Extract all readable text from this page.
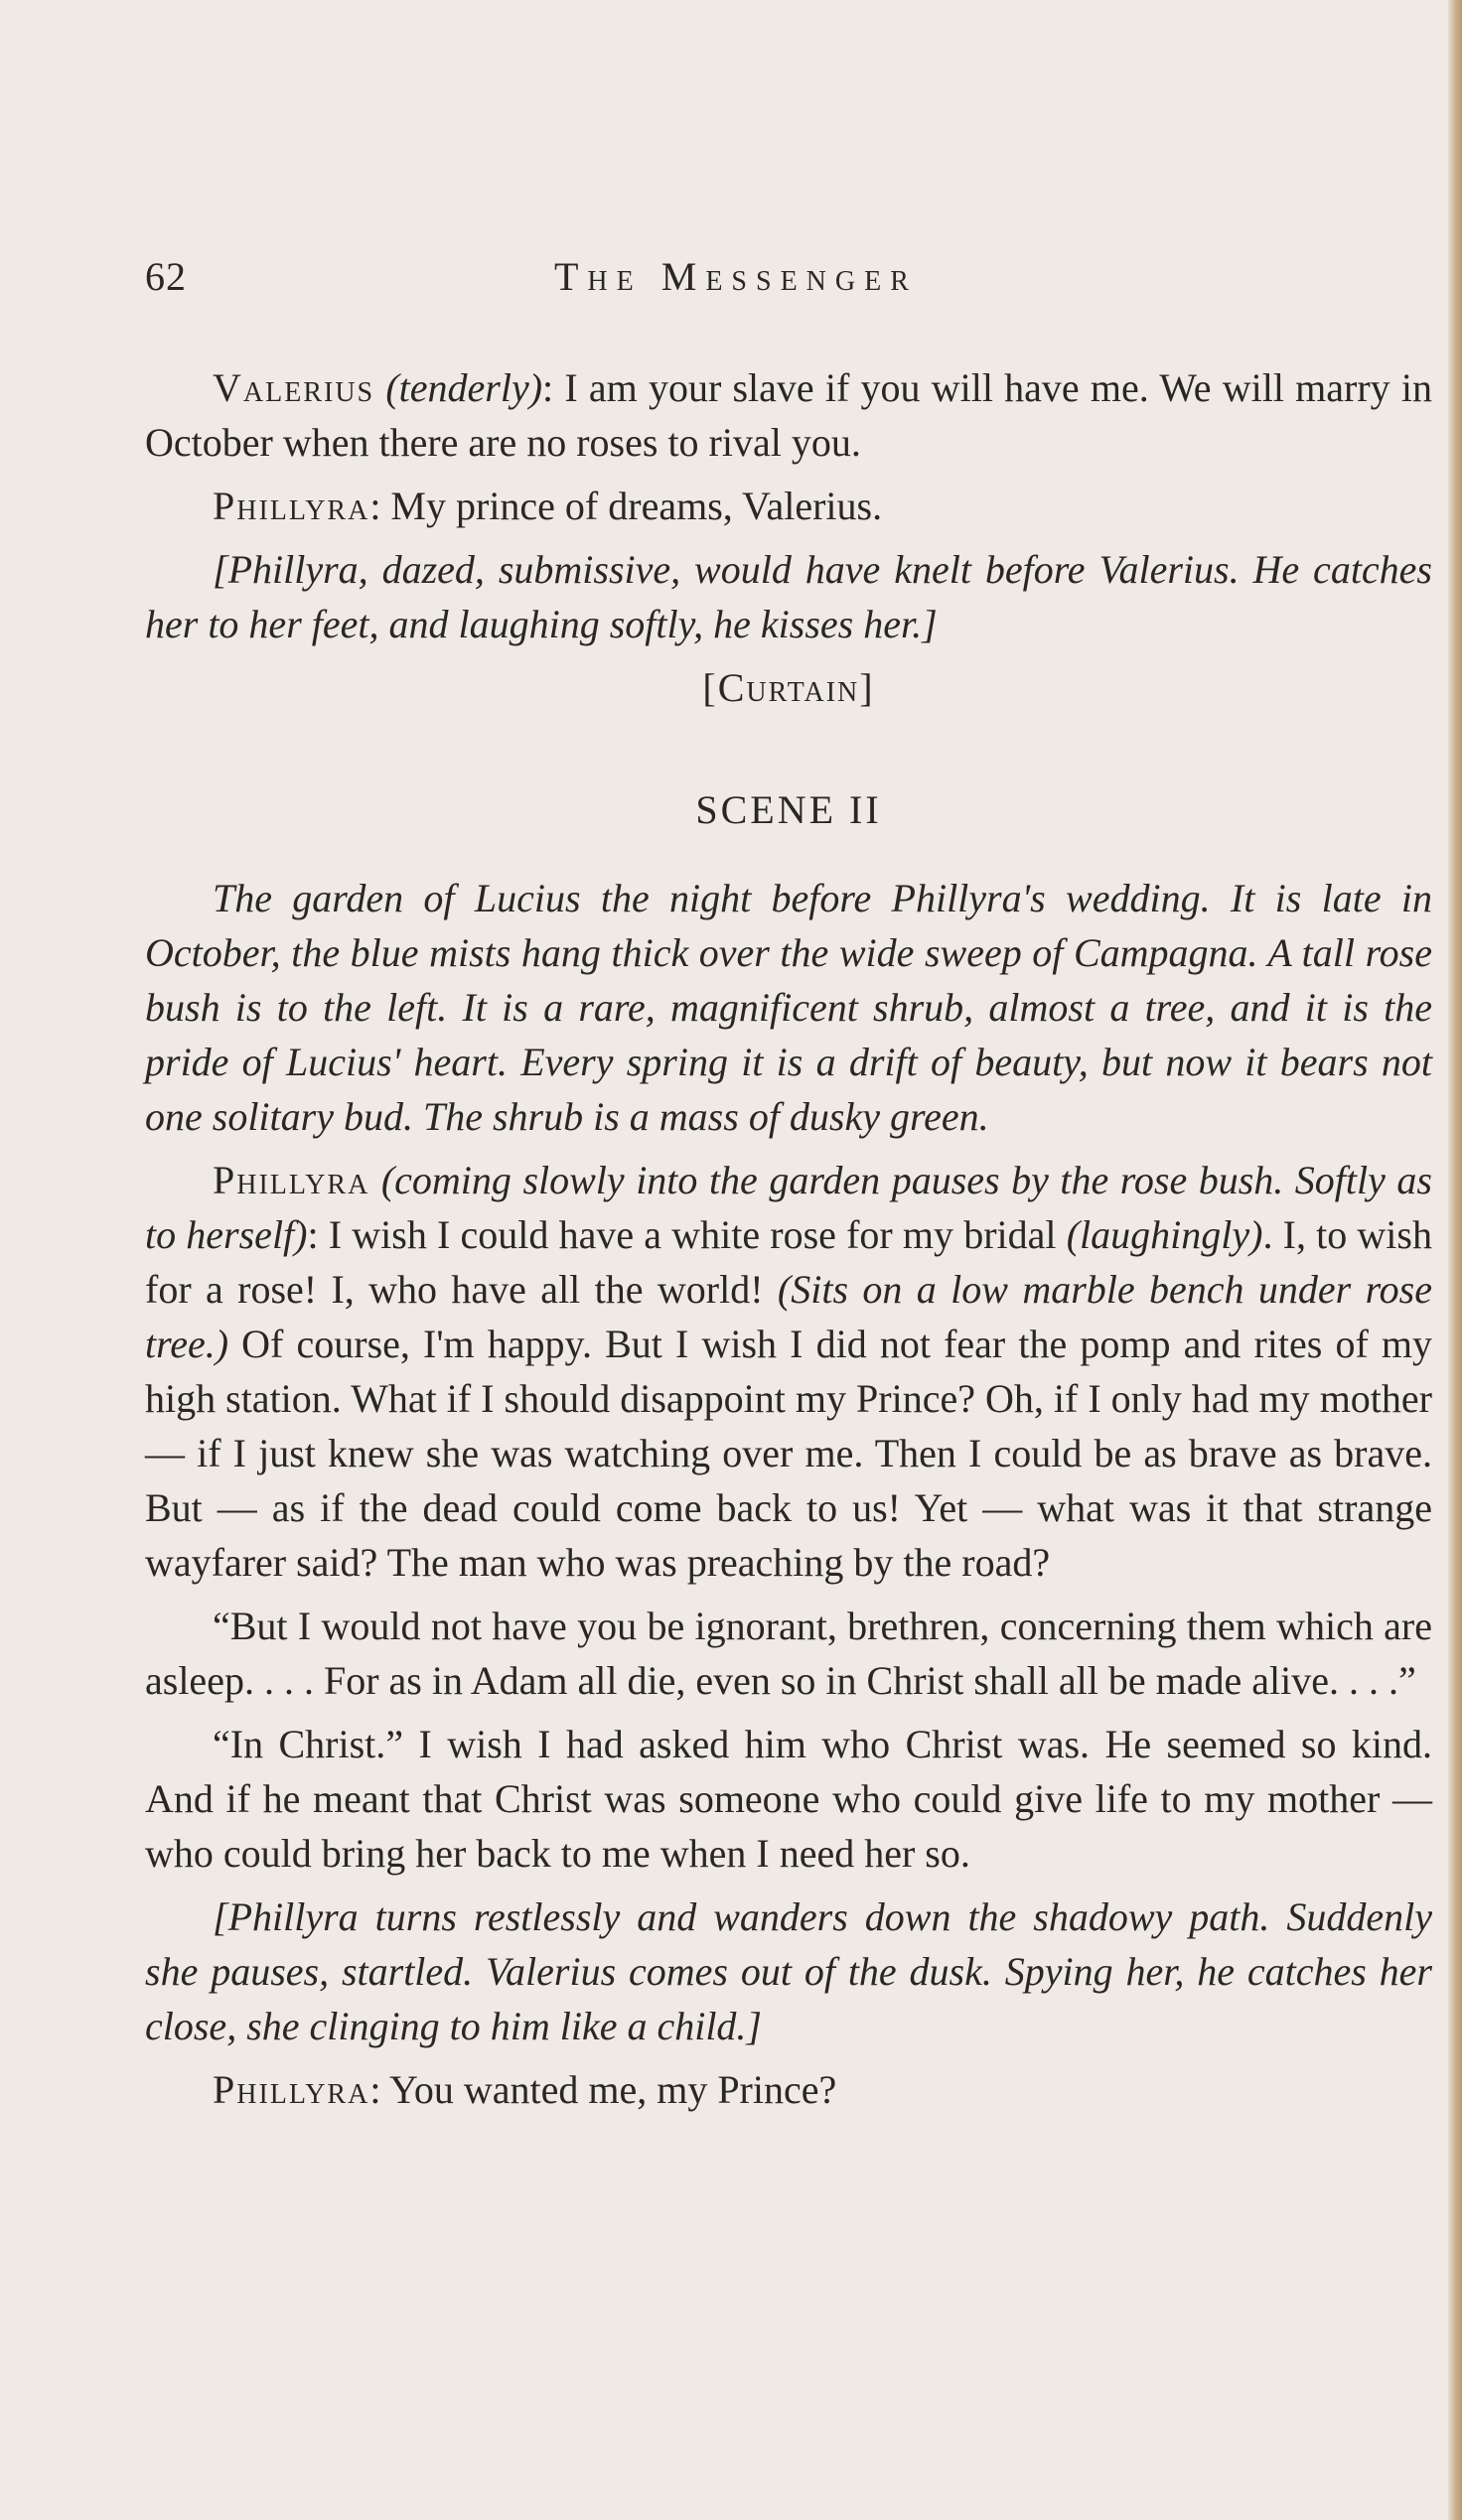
62	The Messenger

Valerius (tenderly): I am your slave if you will have me. We will marry in October when there are no roses to rival you.

Phillyra: My prince of dreams, Valerius.

[Phillyra, dazed, submissive, would have knelt before Valerius. He catches her to her feet, and laughing softly, he kisses her.]

[Curtain]

SCENE II

The garden of Lucius the night before Phillyra's wedding. It is late in October, the blue mists hang thick over the wide sweep of Campagna. A tall rose bush is to the left. It is a rare, magnificent shrub, almost a tree, and it is the pride of Lucius' heart. Every spring it is a drift of beauty, but now it bears not one solitary bud. The shrub is a mass of dusky green.

Phillyra (coming slowly into the garden pauses by the rose bush. Softly as to herself): I wish I could have a white rose for my bridal (laughingly). I, to wish for a rose! I, who have all the world! (Sits on a low marble bench under rose tree.) Of course, I'm happy. But I wish I did not fear the pomp and rites of my high station. What if I should disappoint my Prince? Oh, if I only had my mother — if I just knew she was watching over me. Then I could be as brave as brave. But — as if the dead could come back to us! Yet — what was it that strange wayfarer said? The man who was preaching by the road?

“But I would not have you be ignorant, brethren, concerning them which are asleep. . . . For as in Adam all die, even so in Christ shall all be made alive. . . .”

“In Christ.” I wish I had asked him who Christ was. He seemed so kind. And if he meant that Christ was someone who could give life to my mother — who could bring her back to me when I need her so.

[Phillyra turns restlessly and wanders down the shadowy path. Suddenly she pauses, startled. Valerius comes out of the dusk. Spying her, he catches her close, she clinging to him like a child.]

Phillyra: You wanted me, my Prince?
